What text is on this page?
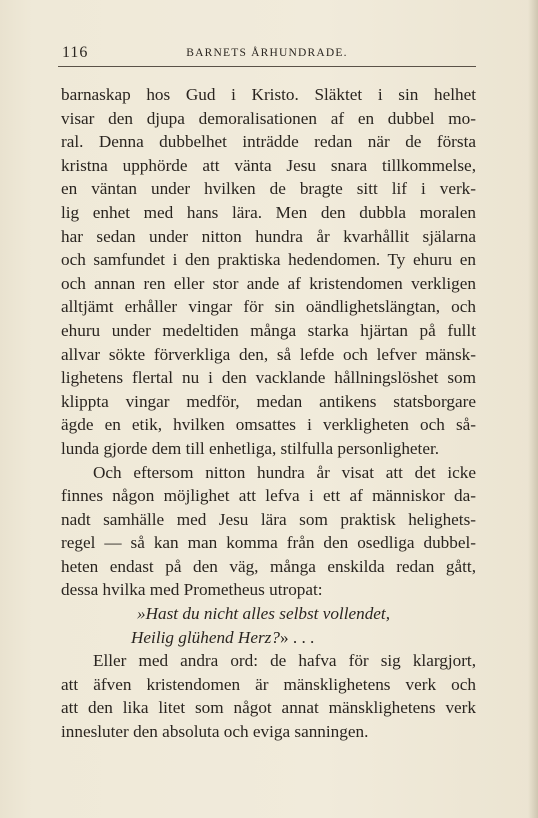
116	BARNETS ÅRHUNDRADE.
barnaskap hos Gud i Kristo. Släktet i sin helhet
visar den djupa demoralisationen af en dubbel mo-
ral. Denna dubbelhet inträdde redan när de första
kristna upphörde att vänta Jesu snara tillkommelse,
en väntan under hvilken de bragte sitt lif i verk-
lig enhet med hans lära. Men den dubbla moralen
har sedan under nitton hundra år kvarhållit själarna
och samfundet i den praktiska hedendomen. Ty ehuru en
och annan ren eller stor ande af kristendomen verkligen
alltjämt erhåller vingar för sin oändlighetslängtan, och
ehuru under medeltiden många starka hjärtan på fullt
allvar sökte förverkliga den, så lefde och lefver mänsk-
lighetens flertal nu i den vacklande hållningslöshet som
klippta vingar medför, medan antikens statsborgare
ägde en etik, hvilken omsattes i verkligheten och så-
lunda gjorde dem till enhetliga, stilfulla personligheter.
Och eftersom nitton hundra år visat att det icke
finnes någon möjlighet att lefva i ett af människor da-
nadt samhälle med Jesu lära som praktisk helighets-
regel — så kan man komma från den osedliga dubbel-
heten endast på den väg, många enskilda redan gått,
dessa hvilka med Prometheus utropat:
»Hast du nicht alles selbst vollendet,
Heilig glühend Herz?» . . .
Eller med andra ord: de hafva för sig klargjort,
att äfven kristendomen är mänsklighetens verk och
att den lika litet som något annat mänsklighetens verk
innesluter den absoluta och eviga sanningen.
